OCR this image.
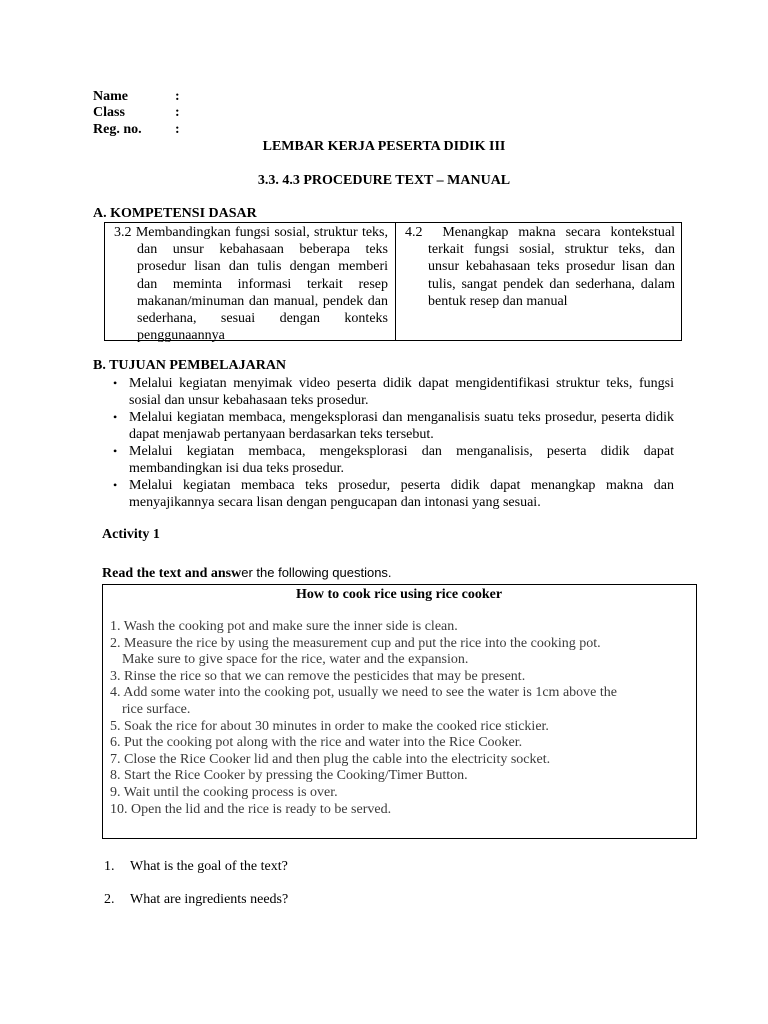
Name	:
Class	:
Reg. no. :
LEMBAR KERJA PESERTA DIDIK III
3.3. 4.3 PROCEDURE TEXT – MANUAL
A. KOMPETENSI DASAR
3.2 Membandingkan fungsi sosial, struktur teks, dan unsur kebahasaan beberapa teks prosedur lisan dan tulis dengan memberi dan meminta informasi terkait resep makanan/minuman dan manual, pendek dan sederhana, sesuai dengan konteks penggunaannya
4.2 Menangkap makna secara kontekstual terkait fungsi sosial, struktur teks, dan unsur kebahasaan teks prosedur lisan dan tulis, sangat pendek dan sederhana, dalam bentuk resep dan manual
B. TUJUAN PEMBELAJARAN
• Melalui kegiatan menyimak video peserta didik dapat mengidentifikasi struktur teks, fungsi sosial dan unsur kebahasaan teks prosedur.
• Melalui kegiatan membaca, mengeksplorasi dan menganalisis suatu teks prosedur, peserta didik dapat menjawab pertanyaan berdasarkan teks tersebut.
• Melalui kegiatan membaca, mengeksplorasi dan menganalisis, peserta didik dapat membandingkan isi dua teks prosedur.
• Melalui kegiatan membaca teks prosedur, peserta didik dapat menangkap makna dan menyajikannya secara lisan dengan pengucapan dan intonasi yang sesuai.
Activity 1
Read the text and answer the following questions.
How to cook rice using rice cooker
1. Wash the cooking pot and make sure the inner side is clean.
2. Measure the rice by using the measurement cup and put the rice into the cooking pot.
Make sure to give space for the rice, water and the expansion.
3. Rinse the rice so that we can remove the pesticides that may be present.
4. Add some water into the cooking pot, usually we need to see the water is 1cm above the
rice surface.
5. Soak the rice for about 30 minutes in order to make the cooked rice stickier.
6. Put the cooking pot along with the rice and water into the Rice Cooker.
7. Close the Rice Cooker lid and then plug the cable into the electricity socket.
8. Start the Rice Cooker by pressing the Cooking/Timer Button.
9. Wait until the cooking process is over.
10. Open the lid and the rice is ready to be served.
1.	What is the goal of the text?
2.	What are ingredients needs?
